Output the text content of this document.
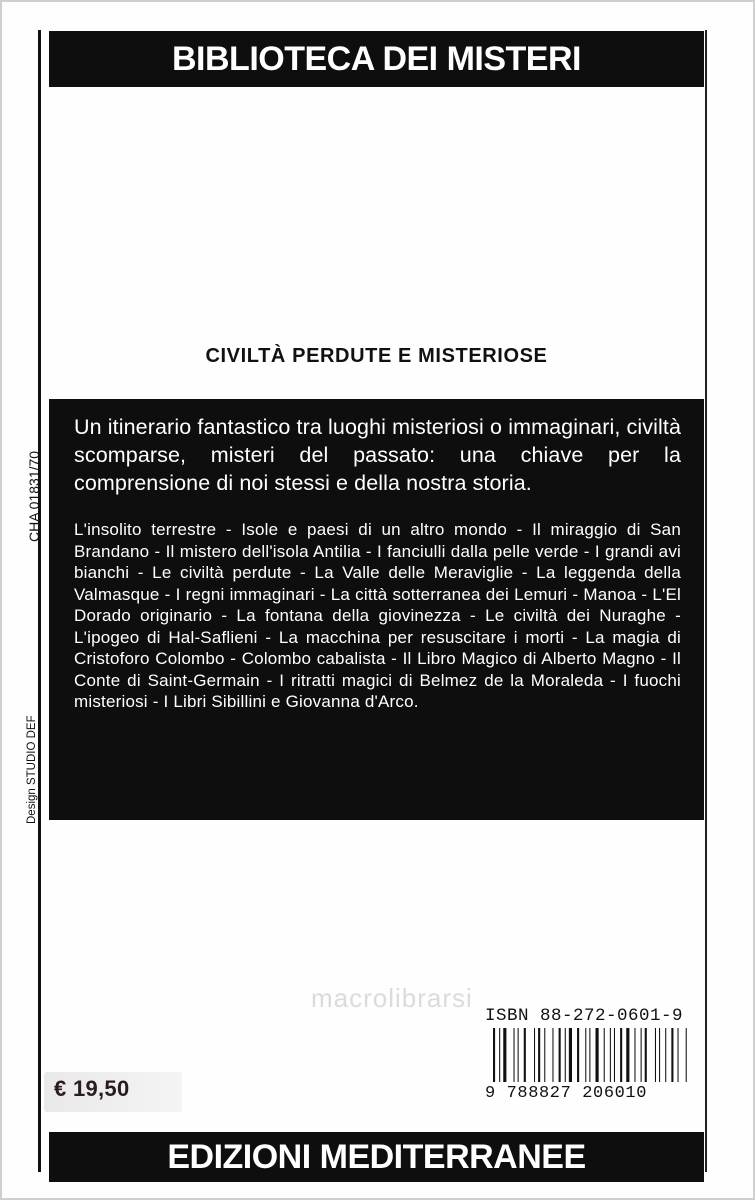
BIBLIOTECA DEI MISTERI
CHA 01831/70
Design STUDIO DEF
CIVILTÀ PERDUTE E MISTERIOSE

Un itinerario fantastico tra luoghi misteriosi o immaginari, civiltà scomparse, misteri del passato: una chiave per la comprensione di noi stessi e della nostra storia.

L'insolito terrestre - Isole e paesi di un altro mondo - Il miraggio di San Brandano - Il mistero dell'isola Antilia - I fanciulli dalla pelle verde - I grandi avi bianchi - Le civiltà perdute - La Valle delle Meraviglie - La leggenda della Valmasque - I regni immaginari - La città sotterranea dei Lemuri - Manoa - L'El Dorado originario - La fontana della giovinezza - Le civiltà dei Nuraghe - L'ipogeo di Hal-Saflieni - La macchina per resuscitare i morti - La magia di Cristoforo Colombo - Colombo cabalista - Il Libro Magico di Alberto Magno - Il Conte di Saint-Germain - I ritratti magici di Belmez de la Moraleda - I fuochi misteriosi - I Libri Sibillini e Giovanna d'Arco.

macrolibrarsi
ISBN 88-272-0601-9
9 788827 206010
€ 19,50
EDIZIONI MEDITERRANEE
